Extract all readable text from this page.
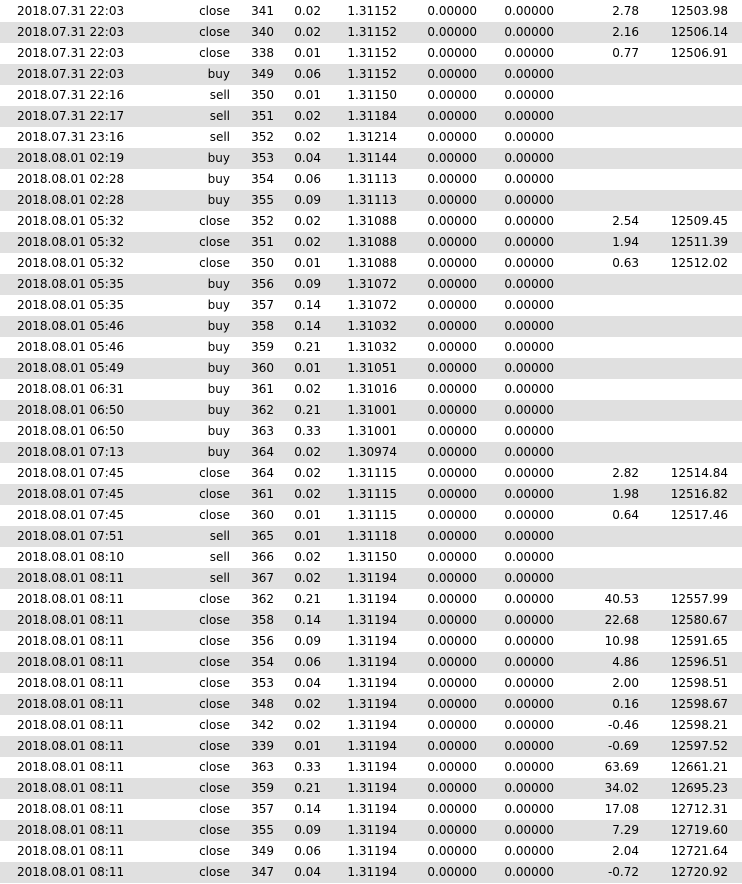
2018.07.31 22:03	close	341	0.02	1.31152	0.00000	0.00000	2.78	12503.98
2018.07.31 22:03	close	340	0.02	1.31152	0.00000	0.00000	2.16	12506.14
2018.07.31 22:03	close	338	0.01	1.31152	0.00000	0.00000	0.77	12506.91
2018.07.31 22:03	buy	349	0.06	1.31152	0.00000	0.00000
2018.07.31 22:16	sell	350	0.01	1.31150	0.00000	0.00000
2018.07.31 22:17	sell	351	0.02	1.31184	0.00000	0.00000
2018.07.31 23:16	sell	352	0.02	1.31214	0.00000	0.00000
2018.08.01 02:19	buy	353	0.04	1.31144	0.00000	0.00000
2018.08.01 02:28	buy	354	0.06	1.31113	0.00000	0.00000
2018.08.01 02:28	buy	355	0.09	1.31113	0.00000	0.00000
2018.08.01 05:32	close	352	0.02	1.31088	0.00000	0.00000	2.54	12509.45
2018.08.01 05:32	close	351	0.02	1.31088	0.00000	0.00000	1.94	12511.39
2018.08.01 05:32	close	350	0.01	1.31088	0.00000	0.00000	0.63	12512.02
2018.08.01 05:35	buy	356	0.09	1.31072	0.00000	0.00000
2018.08.01 05:35	buy	357	0.14	1.31072	0.00000	0.00000
2018.08.01 05:46	buy	358	0.14	1.31032	0.00000	0.00000
2018.08.01 05:46	buy	359	0.21	1.31032	0.00000	0.00000
2018.08.01 05:49	buy	360	0.01	1.31051	0.00000	0.00000
2018.08.01 06:31	buy	361	0.02	1.31016	0.00000	0.00000
2018.08.01 06:50	buy	362	0.21	1.31001	0.00000	0.00000
2018.08.01 06:50	buy	363	0.33	1.31001	0.00000	0.00000
2018.08.01 07:13	buy	364	0.02	1.30974	0.00000	0.00000
2018.08.01 07:45	close	364	0.02	1.31115	0.00000	0.00000	2.82	12514.84
2018.08.01 07:45	close	361	0.02	1.31115	0.00000	0.00000	1.98	12516.82
2018.08.01 07:45	close	360	0.01	1.31115	0.00000	0.00000	0.64	12517.46
2018.08.01 07:51	sell	365	0.01	1.31118	0.00000	0.00000
2018.08.01 08:10	sell	366	0.02	1.31150	0.00000	0.00000
2018.08.01 08:11	sell	367	0.02	1.31194	0.00000	0.00000
2018.08.01 08:11	close	362	0.21	1.31194	0.00000	0.00000	40.53	12557.99
2018.08.01 08:11	close	358	0.14	1.31194	0.00000	0.00000	22.68	12580.67
2018.08.01 08:11	close	356	0.09	1.31194	0.00000	0.00000	10.98	12591.65
2018.08.01 08:11	close	354	0.06	1.31194	0.00000	0.00000	4.86	12596.51
2018.08.01 08:11	close	353	0.04	1.31194	0.00000	0.00000	2.00	12598.51
2018.08.01 08:11	close	348	0.02	1.31194	0.00000	0.00000	0.16	12598.67
2018.08.01 08:11	close	342	0.02	1.31194	0.00000	0.00000	-0.46	12598.21
2018.08.01 08:11	close	339	0.01	1.31194	0.00000	0.00000	-0.69	12597.52
2018.08.01 08:11	close	363	0.33	1.31194	0.00000	0.00000	63.69	12661.21
2018.08.01 08:11	close	359	0.21	1.31194	0.00000	0.00000	34.02	12695.23
2018.08.01 08:11	close	357	0.14	1.31194	0.00000	0.00000	17.08	12712.31
2018.08.01 08:11	close	355	0.09	1.31194	0.00000	0.00000	7.29	12719.60
2018.08.01 08:11	close	349	0.06	1.31194	0.00000	0.00000	2.04	12721.64
2018.08.01 08:11	close	347	0.04	1.31194	0.00000	0.00000	-0.72	12720.92
